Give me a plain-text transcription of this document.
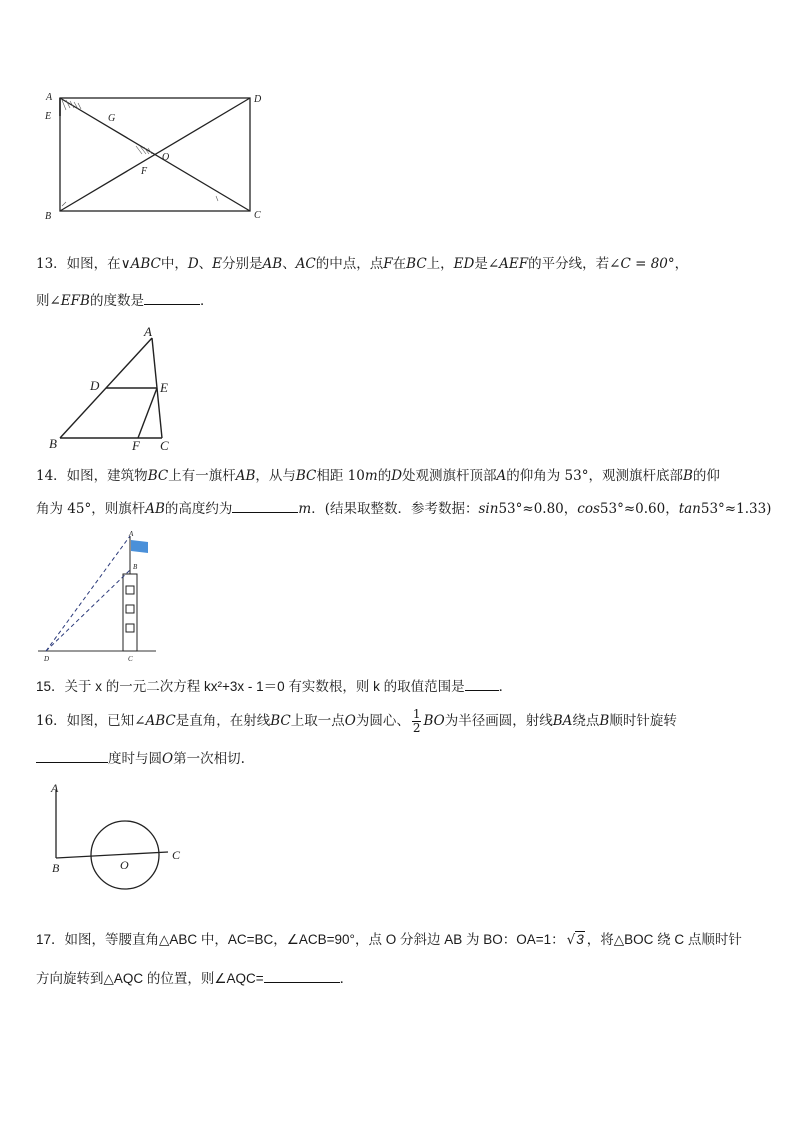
A	D
E	G
O
F
B	C
13．如图，在∨ABC中，D、E分别是AB、AC的中点，点F在BC上，ED是∠AEF的平分线，若∠C = 80°，
则∠EFB的度数是	．
A
D	E
B	F C
14．如图，建筑物BC上有一旗杆AB，从与BC相距 10m的D处观测旗杆顶部A的仰角为 53°，观测旗杆底部B的仰
角为 45°，则旗杆AB的高度约为	m．(结果取整数．参考数据：sin53°≈0.80，cos53°≈0.60，tan53°≈1.33)
A
B
D	C
15．关于 x 的一元二次方程 kx²+3x - 1＝0 有实数根，则 k 的取值范围是	．
16．如图，已知∠ABC是直角，在射线BC上取一点O为圆心、 $\frac{1}{2}$ BO为半径画圆，射线BA绕点B顺时针旋转
度时与圆O第一次相切.
A
B	O
C
17．如图，等腰直角△ABC 中，AC=BC，∠ACB=90°，点 O 分斜边 AB 为 BO：OA=1： √3 ，将△BOC 绕 C 点顺时针
方向旋转到△AQC 的位置，则∠AQC=	．
